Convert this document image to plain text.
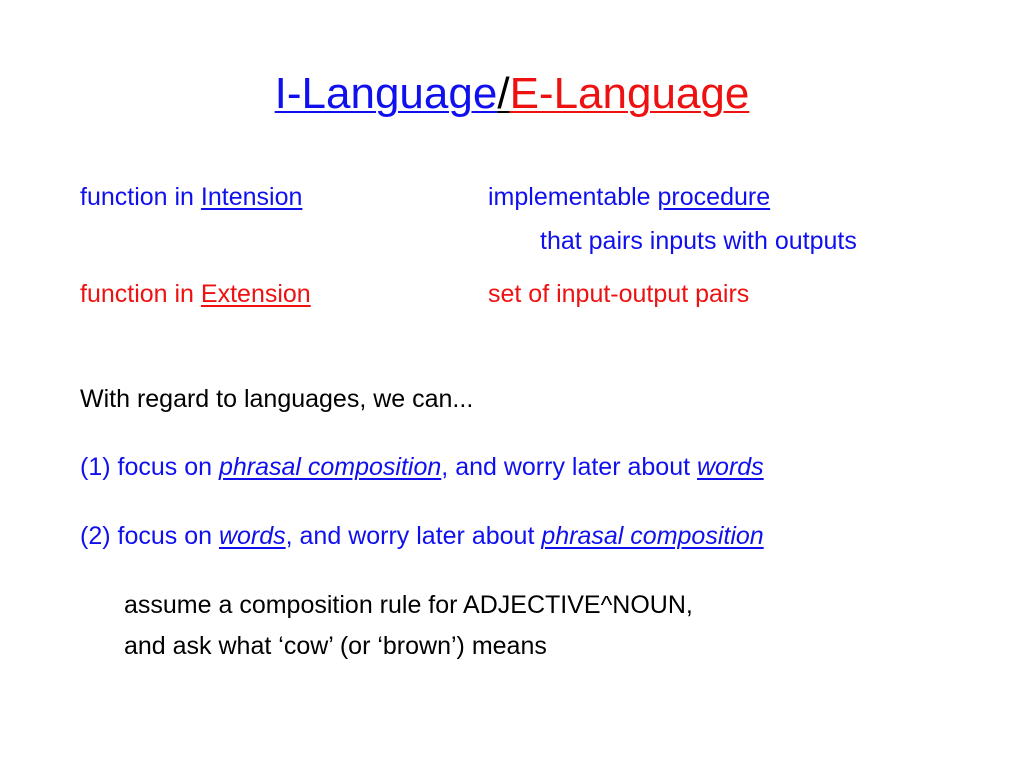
I-Language/E-Language
function in Intension	implementable procedure
that pairs inputs with outputs
function in Extension	set of input-output pairs
With regard to languages, we can...
(1) focus on phrasal composition, and worry later about words
(2) focus on words, and worry later about phrasal composition
assume a composition rule for ADJECTIVE^NOUN,
and ask what ‘cow’ (or ‘brown’) means
